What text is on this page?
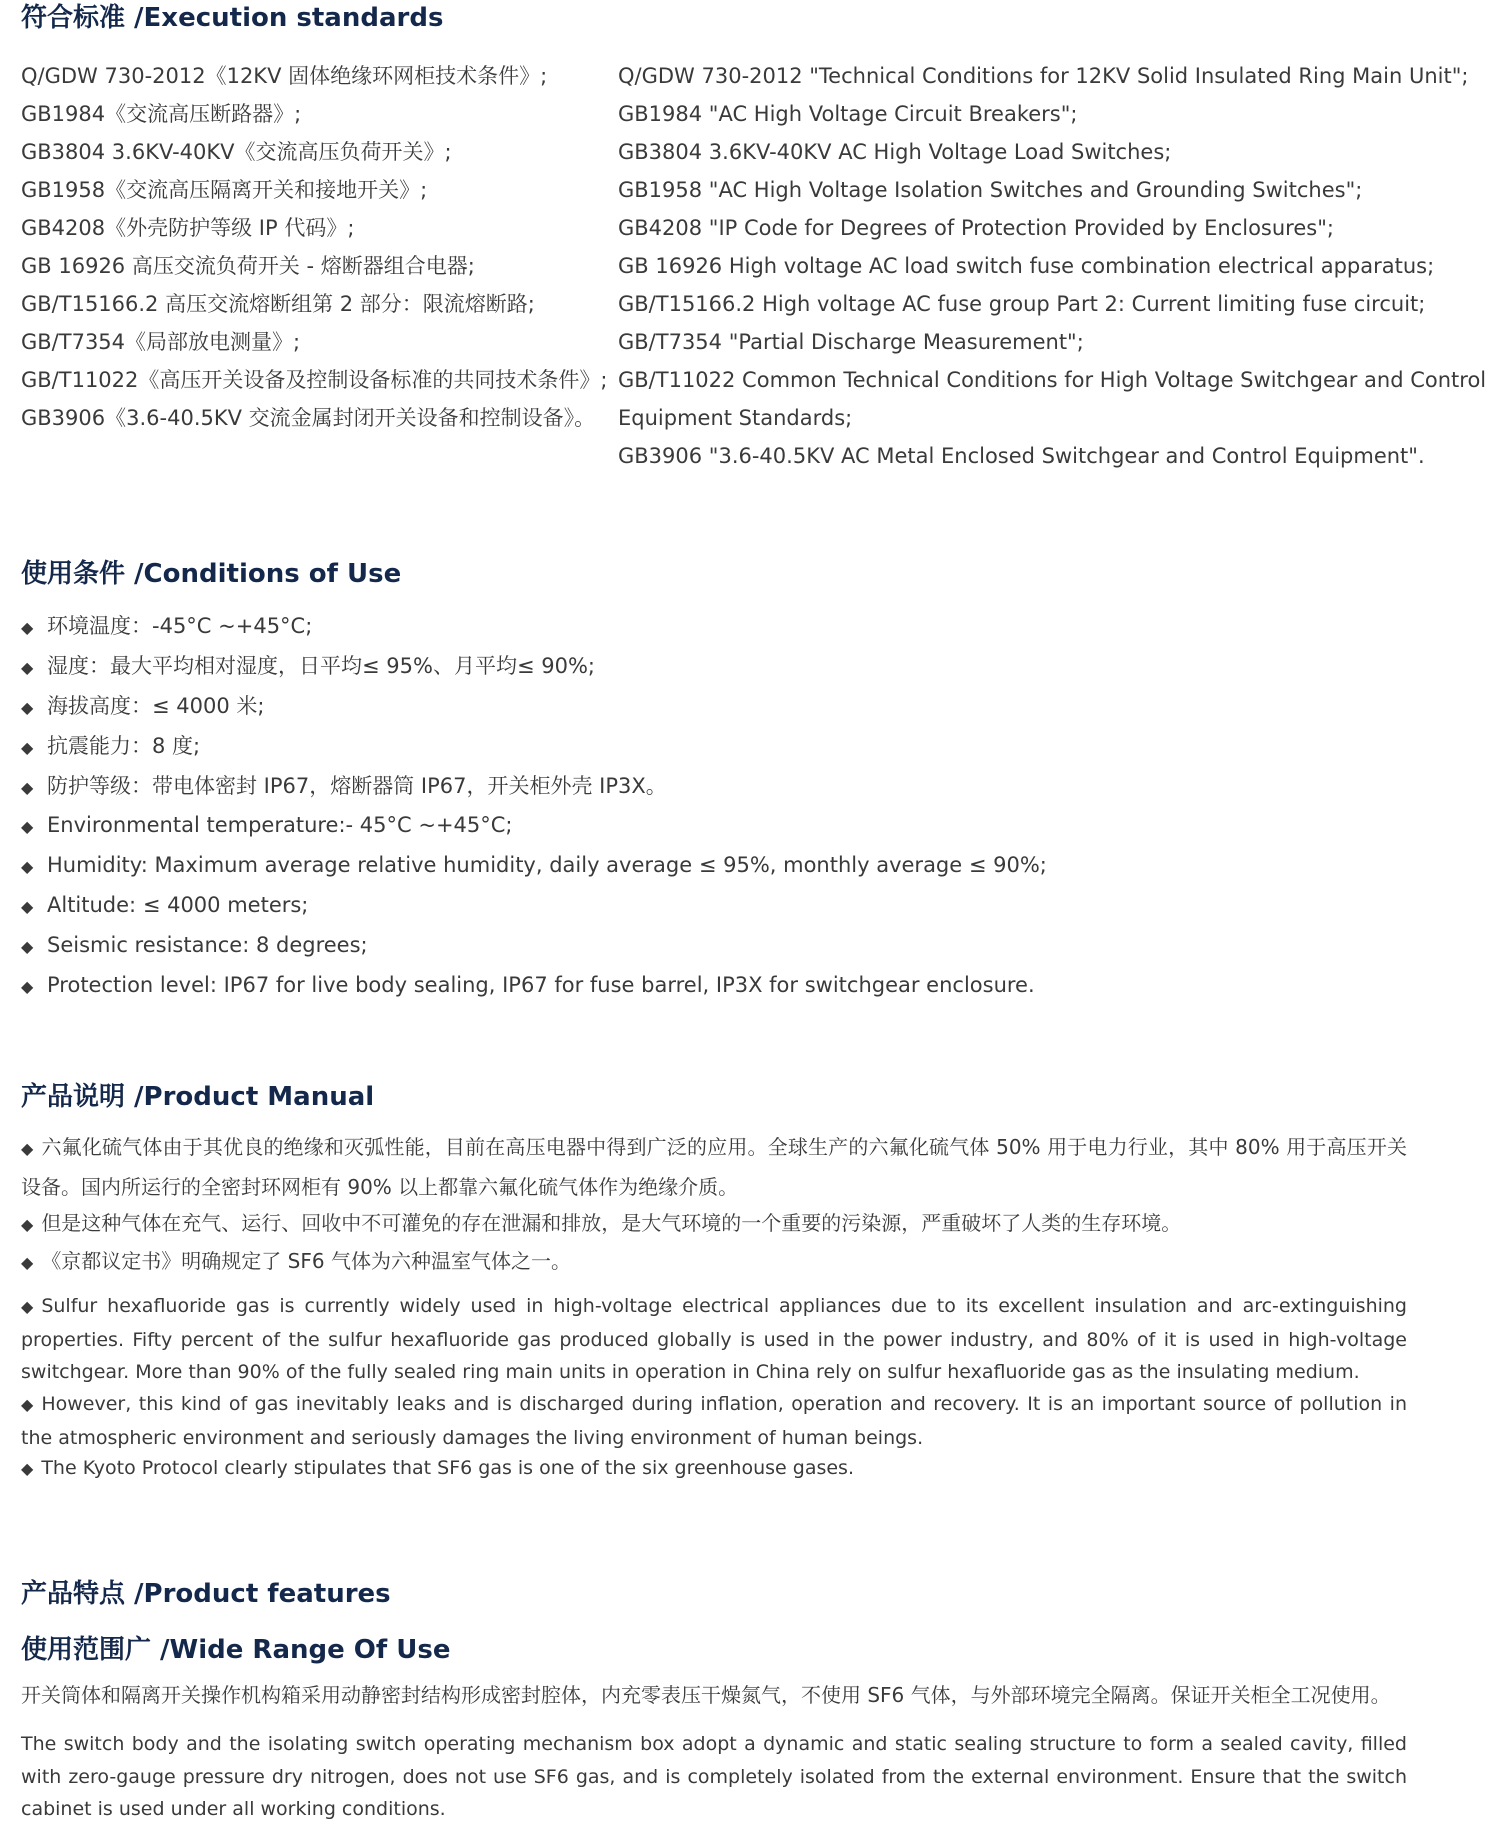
符合标准 /Execution standards
Q/GDW 730-2012《12KV 固体绝缘环网柜技术条件》;
GB1984《交流高压断路器》;
GB3804 3.6KV-40KV《交流高压负荷开关》;
GB1958《交流高压隔离开关和接地开关》;
GB4208《外壳防护等级 IP 代码》;
GB 16926 高压交流负荷开关 - 熔断器组合电器;
GB/T15166.2 高压交流熔断组第 2 部分：限流熔断路;
GB/T7354《局部放电测量》;
GB/T11022《高压开关设备及控制设备标准的共同技术条件》;
GB3906《3.6-40.5KV 交流金属封闭开关设备和控制设备》。
Q/GDW 730-2012 "Technical Conditions for 12KV Solid Insulated Ring Main Unit";
GB1984 "AC High Voltage Circuit Breakers";
GB3804 3.6KV-40KV AC High Voltage Load Switches;
GB1958 "AC High Voltage Isolation Switches and Grounding Switches";
GB4208 "IP Code for Degrees of Protection Provided by Enclosures";
GB 16926 High voltage AC load switch fuse combination electrical apparatus;
GB/T15166.2 High voltage AC fuse group Part 2: Current limiting fuse circuit;
GB/T7354 "Partial Discharge Measurement";
GB/T11022 Common Technical Conditions for High Voltage Switchgear and Control
Equipment Standards;
GB3906 "3.6-40.5KV AC Metal Enclosed Switchgear and Control Equipment".
使用条件 /Conditions of Use
◆ 环境温度：-45°C ~+45°C;
◆ 湿度：最大平均相对湿度，日平均≤ 95%、月平均≤ 90%;
◆ 海拔高度：≤ 4000 米;
◆ 抗震能力：8 度;
◆ 防护等级：带电体密封 IP67，熔断器筒 IP67，开关柜外壳 IP3X。
◆ Environmental temperature:- 45°C ~+45°C;
◆ Humidity: Maximum average relative humidity, daily average ≤ 95%, monthly average ≤ 90%;
◆ Altitude: ≤ 4000 meters;
◆ Seismic resistance: 8 degrees;
◆ Protection level: IP67 for live body sealing, IP67 for fuse barrel, IP3X for switchgear enclosure.
产品说明 /Product Manual
◆ 六氟化硫气体由于其优良的绝缘和灭弧性能，目前在高压电器中得到广泛的应用。全球生产的六氟化硫气体 50% 用于电力行业，其中 80% 用于高压开关设备。国内所运行的全密封环网柜有 90% 以上都靠六氟化硫气体作为绝缘介质。
◆ 但是这种气体在充气、运行、回收中不可灌免的存在泄漏和排放，是大气环境的一个重要的污染源，严重破坏了人类的生存环境。
◆ 《京都议定书》明确规定了 SF6 气体为六种温室气体之一。
◆ Sulfur hexafluoride gas is currently widely used in high-voltage electrical appliances due to its excellent insulation and arc-extinguishing properties. Fifty percent of the sulfur hexafluoride gas produced globally is used in the power industry, and 80% of it is used in high-voltage switchgear. More than 90% of the fully sealed ring main units in operation in China rely on sulfur hexafluoride gas as the insulating medium.
◆ However, this kind of gas inevitably leaks and is discharged during inflation, operation and recovery. It is an important source of pollution in the atmospheric environment and seriously damages the living environment of human beings.
◆ The Kyoto Protocol clearly stipulates that SF6 gas is one of the six greenhouse gases.
产品特点 /Product features
使用范围广 /Wide Range Of Use
开关筒体和隔离开关操作机构箱采用动静密封结构形成密封腔体，内充零表压干燥氮气，不使用 SF6 气体，与外部环境完全隔离。保证开关柜全工况使用。
The switch body and the isolating switch operating mechanism box adopt a dynamic and static sealing structure to form a sealed cavity, filled with zero-gauge pressure dry nitrogen, does not use SF6 gas, and is completely isolated from the external environment. Ensure that the switch cabinet is used under all working conditions.
